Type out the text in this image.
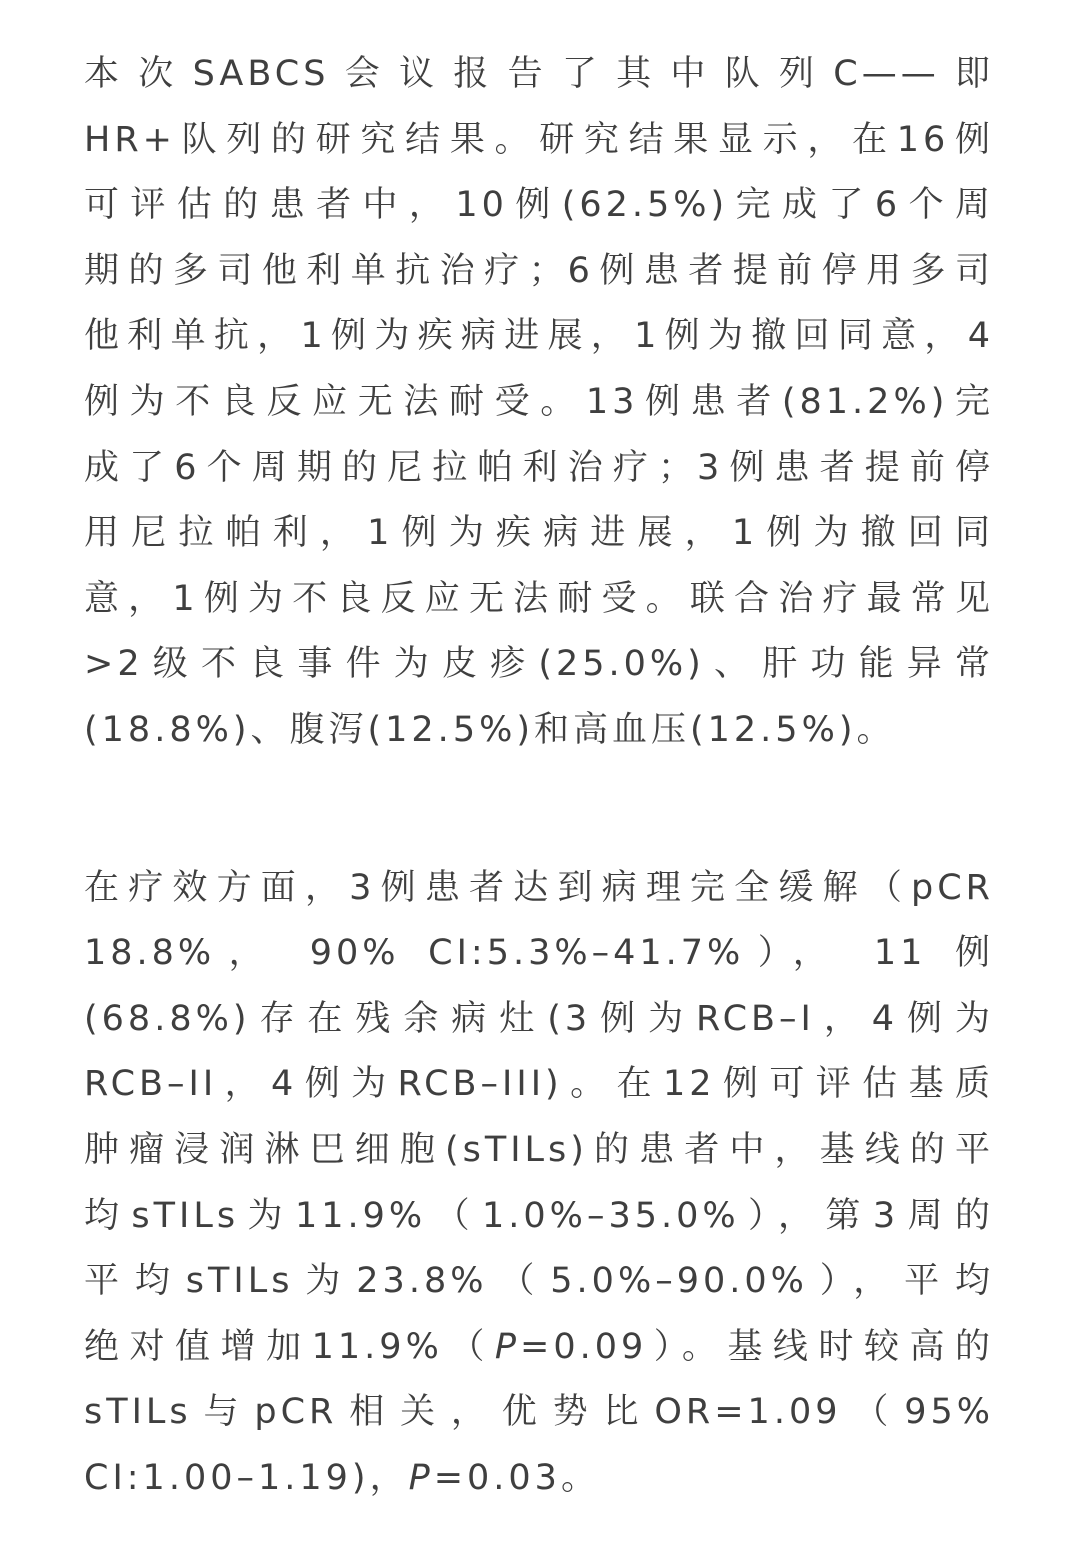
本次SABCS会议报告了其中队列C——即
HR+队列的研究结果。研究结果显示，在16例
可评估的患者中，10例(62.5%)完成了6个周
期的多司他利单抗治疗；6例患者提前停用多司
他利单抗，1例为疾病进展，1例为撤回同意，4
例为不良反应无法耐受。13例患者(81.2%)完
成了6个周期的尼拉帕利治疗；3例患者提前停
用尼拉帕利，1例为疾病进展，1例为撤回同
意，1例为不良反应无法耐受。联合治疗最常见
>2级不良事件为皮疹(25.0%)、肝功能异常
(18.8%)、腹泻(12.5%)和高血压(12.5%)。

在疗效方面，3例患者达到病理完全缓解（pCR
18.8%， 90% CI:5.3%–41.7%）， 11 例
(68.8%)存在残余病灶(3例为RCB–I，4例为
RCB–II，4例为RCB–III)。在12例可评估基质
肿瘤浸润淋巴细胞(sTILs)的患者中，基线的平
均sTILs为11.9%（1.0%–35.0%），第3周的
平均sTILs为23.8%（5.0%–90.0%），平均
绝对值增加11.9%（P=0.09）。基线时较高的
sTILs与pCR相关，优势比OR=1.09（95%
CI:1.00–1.19)，P=0.03。
